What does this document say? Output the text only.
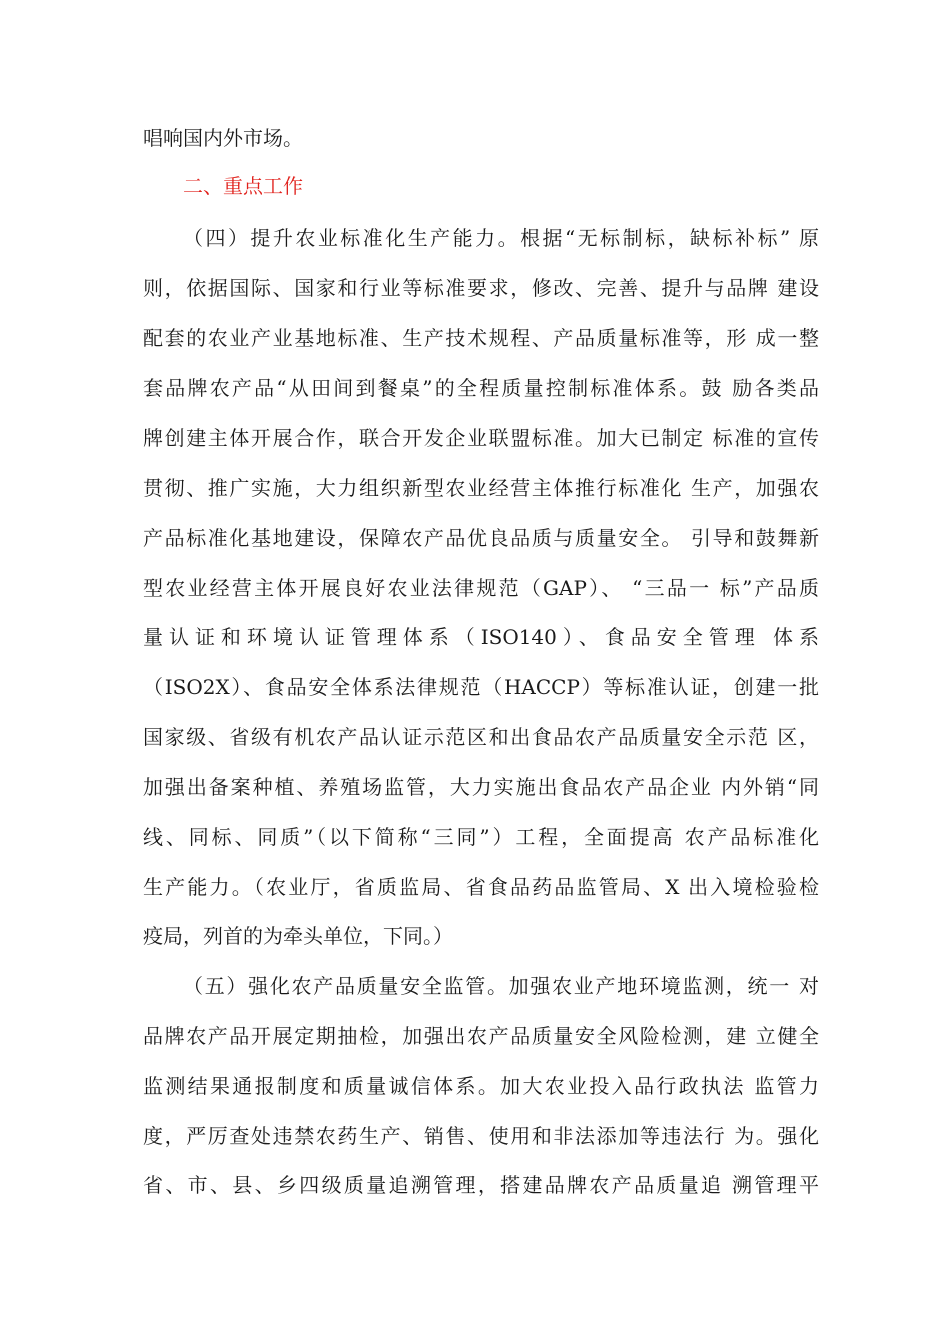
唱响国内外市场。
二、重点工作
（四）提升农业标准化生产能力。根据“无标制标，缺标补标” 原
则，依据国际、国家和行业等标准要求，修改、完善、提升与品牌 建设
配套的农业产业基地标准、生产技术规程、产品质量标准等，形 成一整
套品牌农产品“从田间到餐桌”的全程质量控制标准体系。鼓 励各类品
牌创建主体开展合作，联合开发企业联盟标准。加大已制定 标准的宣传
贯彻、推广实施，大力组织新型农业经营主体推行标准化 生产，加强农
产品标准化基地建设，保障农产品优良品质与质量安全。 引导和鼓舞新
型农业经营主体开展良好农业法律规范（GAP）、 “三品一 标”产品质
量认证和环境认证管理体系（ISO140）、食品安全管理 体系
（ISO2X）、食品安全体系法律规范（HACCP）等标准认证，创建一批
国家级、省级有机农产品认证示范区和出食品农产品质量安全示范 区，
加强出备案种植、养殖场监管，大力实施出食品农产品企业 内外销“同
线、同标、同质”（以下简称“三同”）工程，全面提高 农产品标准化
生产能力。（农业厅，省质监局、省食品药品监管局、X 出入境检验检
疫局，列首的为牵头单位，下同。）
（五）强化农产品质量安全监管。加强农业产地环境监测，统一 对
品牌农产品开展定期抽检，加强出农产品质量安全风险检测，建 立健全
监测结果通报制度和质量诚信体系。加大农业投入品行政执法 监管力
度，严厉查处违禁农药生产、销售、使用和非法添加等违法行 为。强化
省、市、县、乡四级质量追溯管理，搭建品牌农产品质量追 溯管理平
